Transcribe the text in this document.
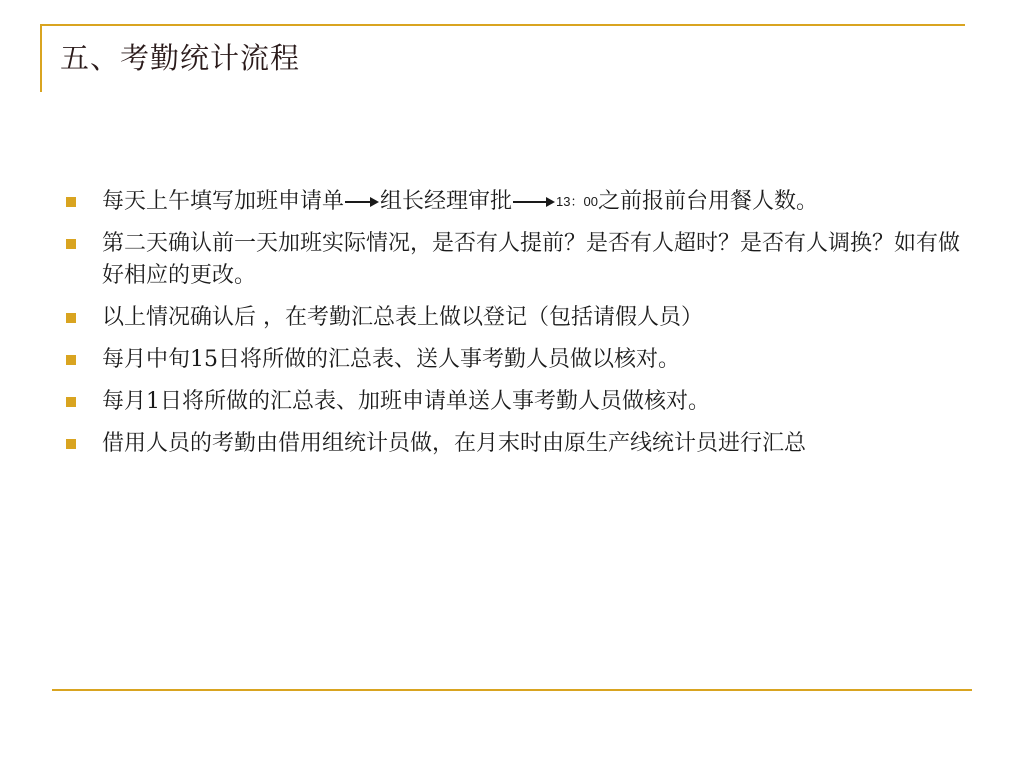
五、考勤统计流程
每天上午填写加班申请单 组长经理审批	13：00之前报前台用餐人数。
第二天确认前一天加班实际情况，是否有人提前？是否有人超时？是否有人调换？如有做好相应的更改。
以上情况确认后 ，在考勤汇总表上做以登记（包括请假人员）
每月中旬15日将所做的汇总表、送人事考勤人员做以核对。
每月1日将所做的汇总表、加班申请单送人事考勤人员做核对。
借用人员的考勤由借用组统计员做，在月末时由原生产线统计员进行汇总
